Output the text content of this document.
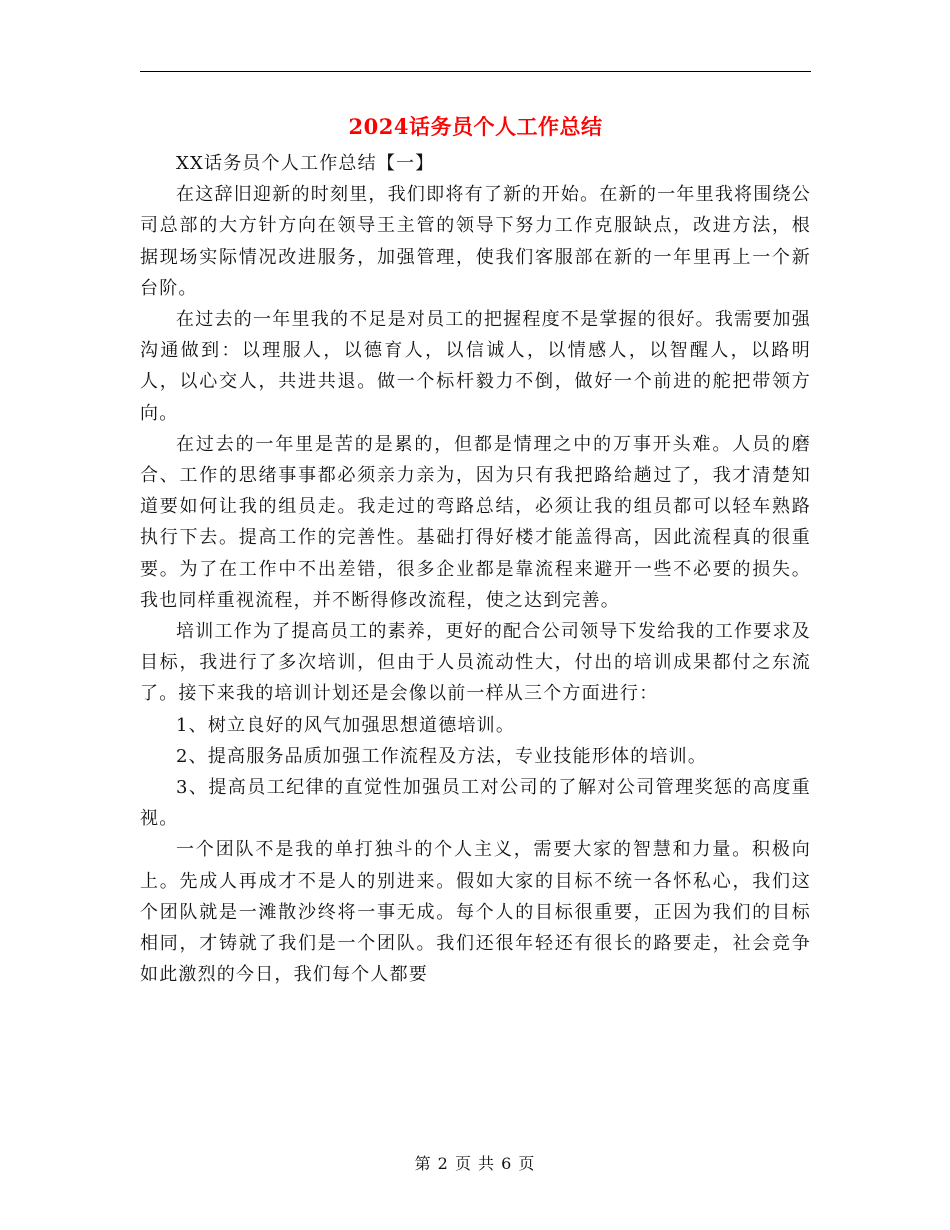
2024话务员个人工作总结

XX话务员个人工作总结【一】

在这辞旧迎新的时刻里，我们即将有了新的开始。在新的一年里我将围绕公司总部的大方针方向在领导王主管的领导下努力工作克服缺点，改进方法，根据现场实际情况改进服务，加强管理，使我们客服部在新的一年里再上一个新台阶。

在过去的一年里我的不足是对员工的把握程度不是掌握的很好。我需要加强沟通做到：以理服人，以德育人，以信诚人，以情感人，以智醒人，以路明人，以心交人，共进共退。做一个标杆毅力不倒，做好一个前进的舵把带领方向。

在过去的一年里是苦的是累的，但都是情理之中的万事开头难。人员的磨合、工作的思绪事事都必须亲力亲为，因为只有我把路给趟过了，我才清楚知道要如何让我的组员走。我走过的弯路总结，必须让我的组员都可以轻车熟路执行下去。提高工作的完善性。基础打得好楼才能盖得高，因此流程真的很重要。为了在工作中不出差错，很多企业都是靠流程来避开一些不必要的损失。我也同样重视流程，并不断得修改流程，使之达到完善。

培训工作为了提高员工的素养，更好的配合公司领导下发给我的工作要求及目标，我进行了多次培训，但由于人员流动性大，付出的培训成果都付之东流了。接下来我的培训计划还是会像以前一样从三个方面进行：

1、树立良好的风气加强思想道德培训。

2、提高服务品质加强工作流程及方法，专业技能形体的培训。

3、提高员工纪律的直觉性加强员工对公司的了解对公司管理奖惩的高度重视。

一个团队不是我的单打独斗的个人主义，需要大家的智慧和力量。积极向上。先成人再成才不是人的别进来。假如大家的目标不统一各怀私心，我们这个团队就是一滩散沙终将一事无成。每个人的目标很重要，正因为我们的目标相同，才铸就了我们是一个团队。我们还很年轻还有很长的路要走，社会竞争如此激烈的今日，我们每个人都要

第 2 页 共 6 页
